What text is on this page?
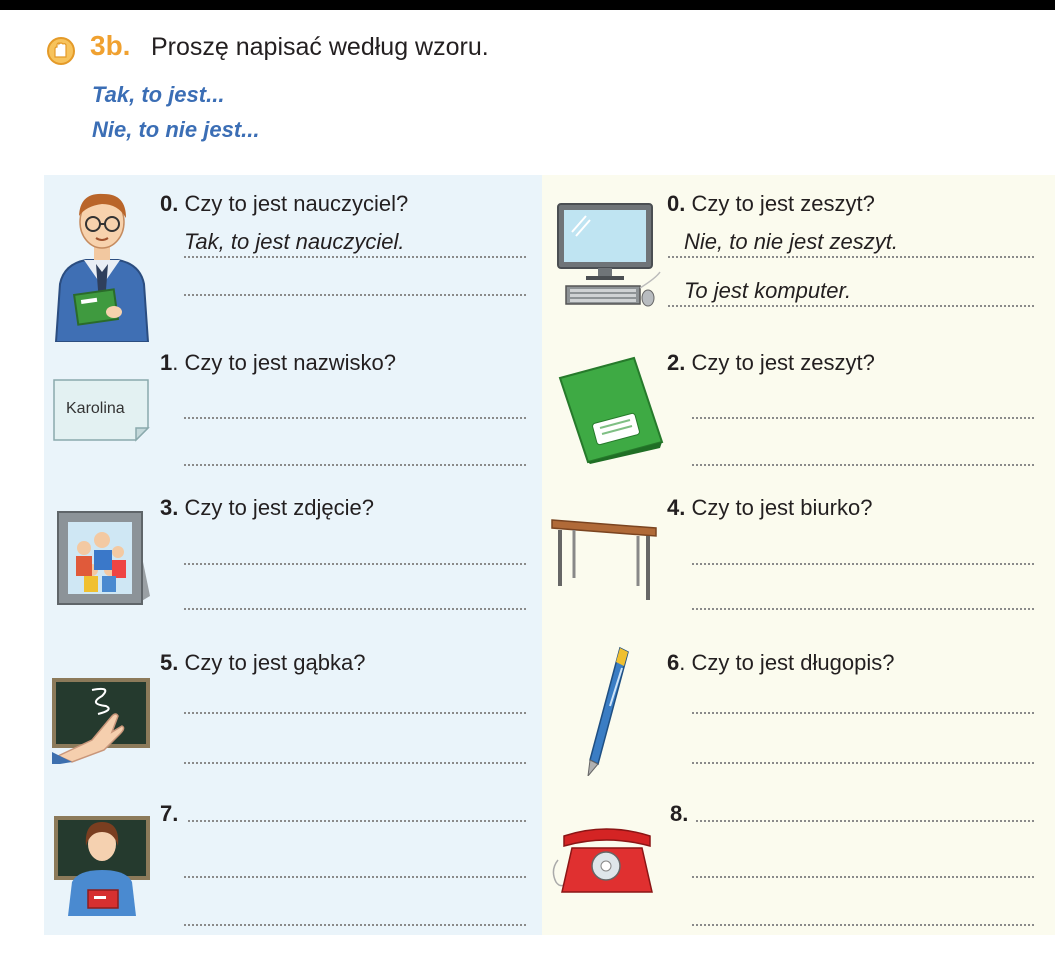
3b. Proszę napisać według wzoru.
Tak, to jest...
Nie, to nie jest...
0. Czy to jest nauczyciel?
Tak, to jest nauczyciel.
Karolina
1. Czy to jest nazwisko?
3. Czy to jest zdjęcie?
5. Czy to jest gąbka?
7.
0. Czy to jest zeszyt?
Nie, to nie jest zeszyt.
To jest komputer.
2. Czy to jest zeszyt?
4. Czy to jest biurko?
6. Czy to jest długopis?
8.
